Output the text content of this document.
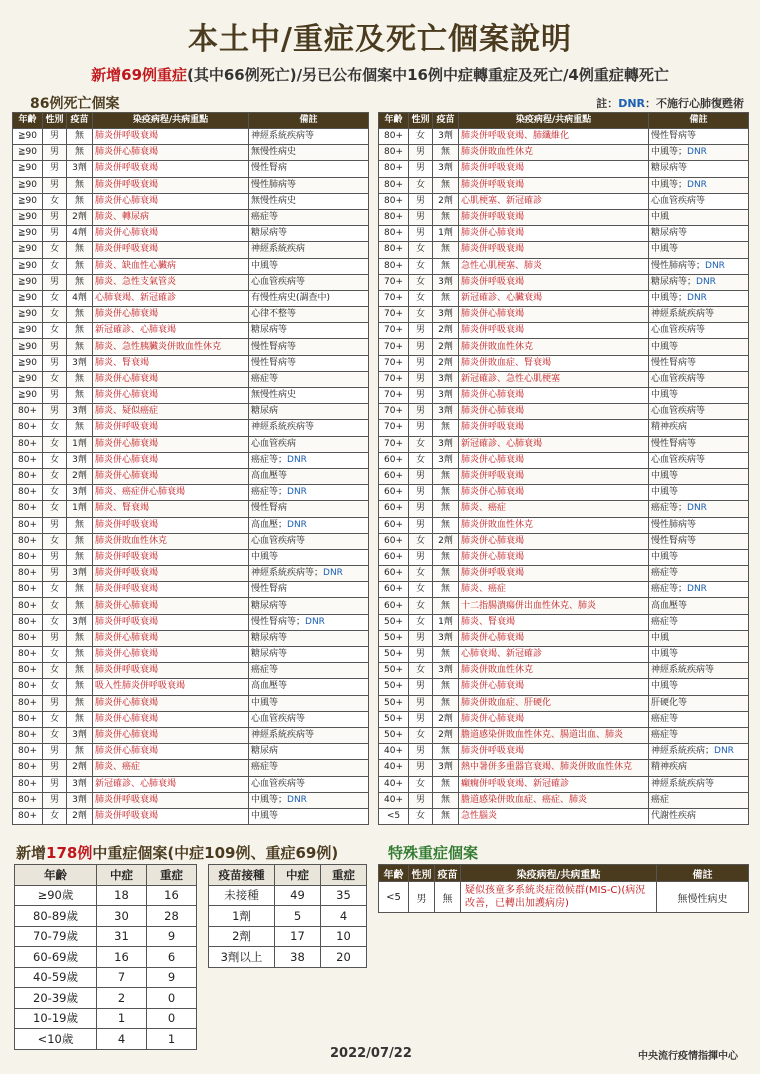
本土中/重症及死亡個案說明
新增69例重症(其中66例死亡)/另已公布個案中16例中症轉重症及死亡/4例重症轉死亡
86例死亡個案	註：DNR：不施行心肺復甦術
年齡	性別	疫苗	染疫病程/共病重點	備註
≧90	男	無	肺炎併呼吸衰竭	神經系統疾病等
≧90	男	無	肺炎併心肺衰竭	無慢性病史
≧90	男	3劑	肺炎併呼吸衰竭	慢性腎病
≧90	男	無	肺炎併呼吸衰竭	慢性肺病等
≧90	女	無	肺炎併心肺衰竭	無慢性病史
≧90	男	2劑	肺炎、轉尿病	癌症等
≧90	男	4劑	肺炎併心肺衰竭	糖尿病等
≧90	女	無	肺炎併呼吸衰竭	神經系統疾病
≧90	女	無	肺炎、缺血性心臟病	中風等
≧90	男	無	肺炎、急性支氣管炎	心血管疾病等
≧90	女	4劑	心肺衰竭、新冠確診	有慢性病史(調查中)
≧90	女	無	肺炎併心肺衰竭	心律不整等
≧90	女	無	新冠確診、心肺衰竭	糖尿病等
≧90	男	無	肺炎、急性胰臟炎併敗血性休克	慢性腎病等
≧90	男	3劑	肺炎、腎衰竭	慢性腎病等
≧90	女	無	肺炎併心肺衰竭	癌症等
≧90	男	無	肺炎併心肺衰竭	無慢性病史
80+	男	3劑	肺炎、疑似癌症	糖尿病
80+	女	無	肺炎併呼吸衰竭	神經系統疾病等
80+	女	1劑	肺炎併心肺衰竭	心血管疾病
80+	女	3劑	肺炎併心肺衰竭	癌症等；DNR
80+	女	2劑	肺炎併心肺衰竭	高血壓等
80+	女	3劑	肺炎、癌症併心肺衰竭	癌症等；DNR
80+	女	1劑	肺炎、腎衰竭	慢性腎病
80+	男	無	肺炎併呼吸衰竭	高血壓；DNR
80+	女	無	肺炎併敗血性休克	心血管疾病等
80+	男	無	肺炎併呼吸衰竭	中風等
80+	男	3劑	肺炎併呼吸衰竭	神經系統疾病等；DNR
80+	女	無	肺炎併呼吸衰竭	慢性腎病
80+	女	無	肺炎併心肺衰竭	糖尿病等
80+	女	3劑	肺炎併呼吸衰竭	慢性腎病等；DNR
80+	男	無	肺炎併心肺衰竭	糖尿病等
80+	女	無	肺炎併心肺衰竭	糖尿病等
80+	女	無	肺炎併呼吸衰竭	癌症等
80+	女	無	吸入性肺炎併呼吸衰竭	高血壓等
80+	男	無	肺炎併心肺衰竭	中風等
80+	女	無	肺炎併心肺衰竭	心血管疾病等
80+	女	3劑	肺炎併心肺衰竭	神經系統疾病等
80+	男	無	肺炎併心肺衰竭	糖尿病
80+	男	2劑	肺炎、癌症	癌症等
80+	男	3劑	新冠確診、心肺衰竭	心血管疾病等
80+	男	3劑	肺炎併呼吸衰竭	中風等；DNR
80+	女	2劑	肺炎併呼吸衰竭	中風等
年齡	性別	疫苗	染疫病程/共病重點	備註
80+	女	3劑	肺炎併呼吸衰竭、肺纖維化	慢性腎病等
80+	男	無	肺炎併敗血性休克	中風等；DNR
80+	男	3劑	肺炎併呼吸衰竭	糖尿病等
80+	女	無	肺炎併呼吸衰竭	中風等；DNR
80+	男	2劑	心肌梗塞、新冠確診	心血管疾病等
80+	男	無	肺炎併呼吸衰竭	中風
80+	男	1劑	肺炎併心肺衰竭	糖尿病等
80+	女	無	肺炎併呼吸衰竭	中風等
80+	女	無	急性心肌梗塞、肺炎	慢性肺病等；DNR
70+	女	3劑	肺炎併呼吸衰竭	糖尿病等；DNR
70+	女	無	新冠確診、心臟衰竭	中風等；DNR
70+	女	3劑	肺炎併心肺衰竭	神經系統疾病等
70+	男	2劑	肺炎併呼吸衰竭	心血管疾病等
70+	男	2劑	肺炎併敗血性休克	中風等
70+	男	2劑	肺炎併敗血症、腎衰竭	慢性腎病等
70+	男	3劑	新冠確診、急性心肌梗塞	心血管疾病等
70+	男	3劑	肺炎併心肺衰竭	中風等
70+	男	3劑	肺炎併心肺衰竭	心血管疾病等
70+	男	無	肺炎併呼吸衰竭	精神疾病
70+	女	3劑	新冠確診、心肺衰竭	慢性腎病等
60+	女	3劑	肺炎併心肺衰竭	心血管疾病等
60+	男	無	肺炎併呼吸衰竭	中風等
60+	男	無	肺炎併心肺衰竭	中風等
60+	男	無	肺炎、癌症	癌症等；DNR
60+	男	無	肺炎併敗血性休克	慢性肺病等
60+	女	2劑	肺炎併心肺衰竭	慢性腎病等
60+	男	無	肺炎併心肺衰竭	中風等
60+	女	無	肺炎併呼吸衰竭	癌症等
60+	女	無	肺炎、癌症	癌症等；DNR
60+	女	無	十二指腸潰瘍併出血性休克、肺炎	高血壓等
50+	女	1劑	肺炎、腎衰竭	癌症等
50+	男	3劑	肺炎併心肺衰竭	中風
50+	男	無	心肺衰竭、新冠確診	中風等
50+	女	3劑	肺炎併敗血性休克	神經系統疾病等
50+	男	無	肺炎併心肺衰竭	中風等
50+	男	無	肺炎併敗血症、肝硬化	肝硬化等
50+	男	2劑	肺炎併心肺衰竭	癌症等
50+	女	2劑	膽道感染併敗血性休克、腸道出血、肺炎	癌症等
40+	男	無	肺炎併呼吸衰竭	神經系統疾病；DNR
40+	男	3劑	熱中暑併多重器官衰竭、肺炎併敗血性休克	精神疾病
40+	女	無	癲癇併呼吸衰竭、新冠確診	神經系統疾病等
40+	男	無	膽道感染併敗血症、癌症、肺炎	癌症
<5	女	無	急性腦炎	代謝性疾病
新增178例中重症個案(中症109例、重症69例)
年齡	中症	重症
≥90歲	18	16
80-89歲	30	28
70-79歲	31	9
60-69歲	16	6
40-59歲	7	9
20-39歲	2	0
10-19歲	1	0
<10歲	4	1
疫苗接種	中症	重症
未接種	49	35
1劑	5	4
2劑	17	10
3劑以上	38	20
特殊重症個案
年齡	性別	疫苗	染疫病程/共病重點	備註
<5	男	無	疑似孩童多系統炎症徵候群(MIS-C)(病況改善，已轉出加護病房)	無慢性病史
2022/07/22	中央流行疫情指揮中心
